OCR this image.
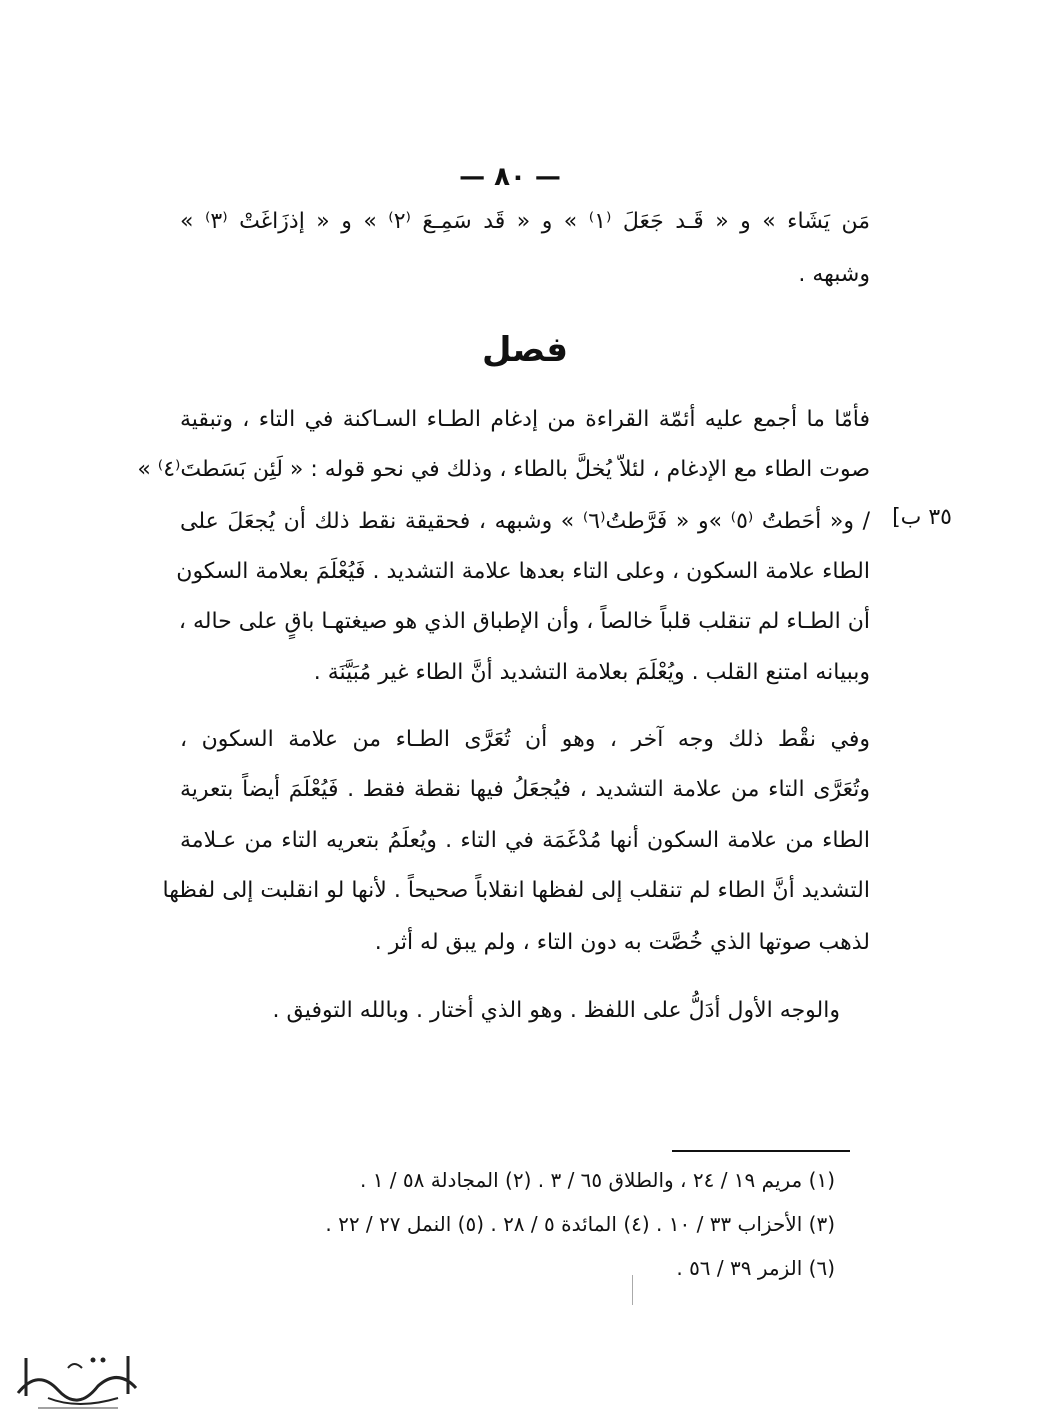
— ٨٠ —
مَن يَشَاء » و « قَـد جَعَلَ ⁽١⁾ » و « قَد سَمِـعَ ⁽٢⁾ » و « إذزَاغَتْ ⁽٣⁾ »
وشبهه .
فصل
فأمّا ما أجمع عليه أئمّة القراءة من إدغام الطـاء السـاكنة في التاء ، وتبقية
صوت الطاء مع الإدغام ، لئلاّ يُخلَّ بالطاء ، وذلك في نحو قوله : « لَئِن بَسَطتَ⁽٤⁾ »
/ و« أحَطتُ ⁽٥⁾ »و « فَرَّطتُ⁽٦⁾ » وشبهه ، فحقيقة نقط ذلك أن يُجعَلَ على ٣٥ ب]
الطاء علامة السكون ، وعلى التاء بعدها علامة التشديد . فَيُعْلَمَ بعلامة السكون
أن الطـاء لم تنقلب قلباً خالصاً ، وأن الإطباق الذي هو صيغتهـا باقٍ على حاله ،
وببيانه امتنع القلب . ويُعْلَمَ بعلامة التشديد أنَّ الطاء غير مُبَيَّنَة .
وفي نقْط ذلك وجه آخر ، وهو أن تُعَرَّى الطـاء من علامة السكون ،
وتُعَرَّى التاء من علامة التشديد ، فيُجعَلُ فيها نقطة فقط . فَيُعْلَمَ أيضاً بتعرية
الطاء من علامة السكون أنها مُدْغَمَة في التاء . ويُعلَمُ بتعريه التاء من عـلامة
التشديد أنَّ الطاء لم تنقلب إلى لفظها انقلاباً صحيحاً . لأنها لو انقلبت إلى لفظها
لذهب صوتها الذي خُصَّت به دون التاء ، ولم يبق له أثر .
والوجه الأول أدَلُّ على اللفظ . وهو الذي أختار . وبالله التوفيق .
(١) مريم ١٩ / ٢٤ ، والطلاق ٦٥ / ٣ . (٢) المجادلة ٥٨ / ١ .
(٣) الأحزاب ٣٣ / ١٠ . (٤) المائدة ٥ / ٢٨ . (٥) النمل ٢٧ / ٢٢ .
(٦) الزمر ٣٩ / ٥٦ .
